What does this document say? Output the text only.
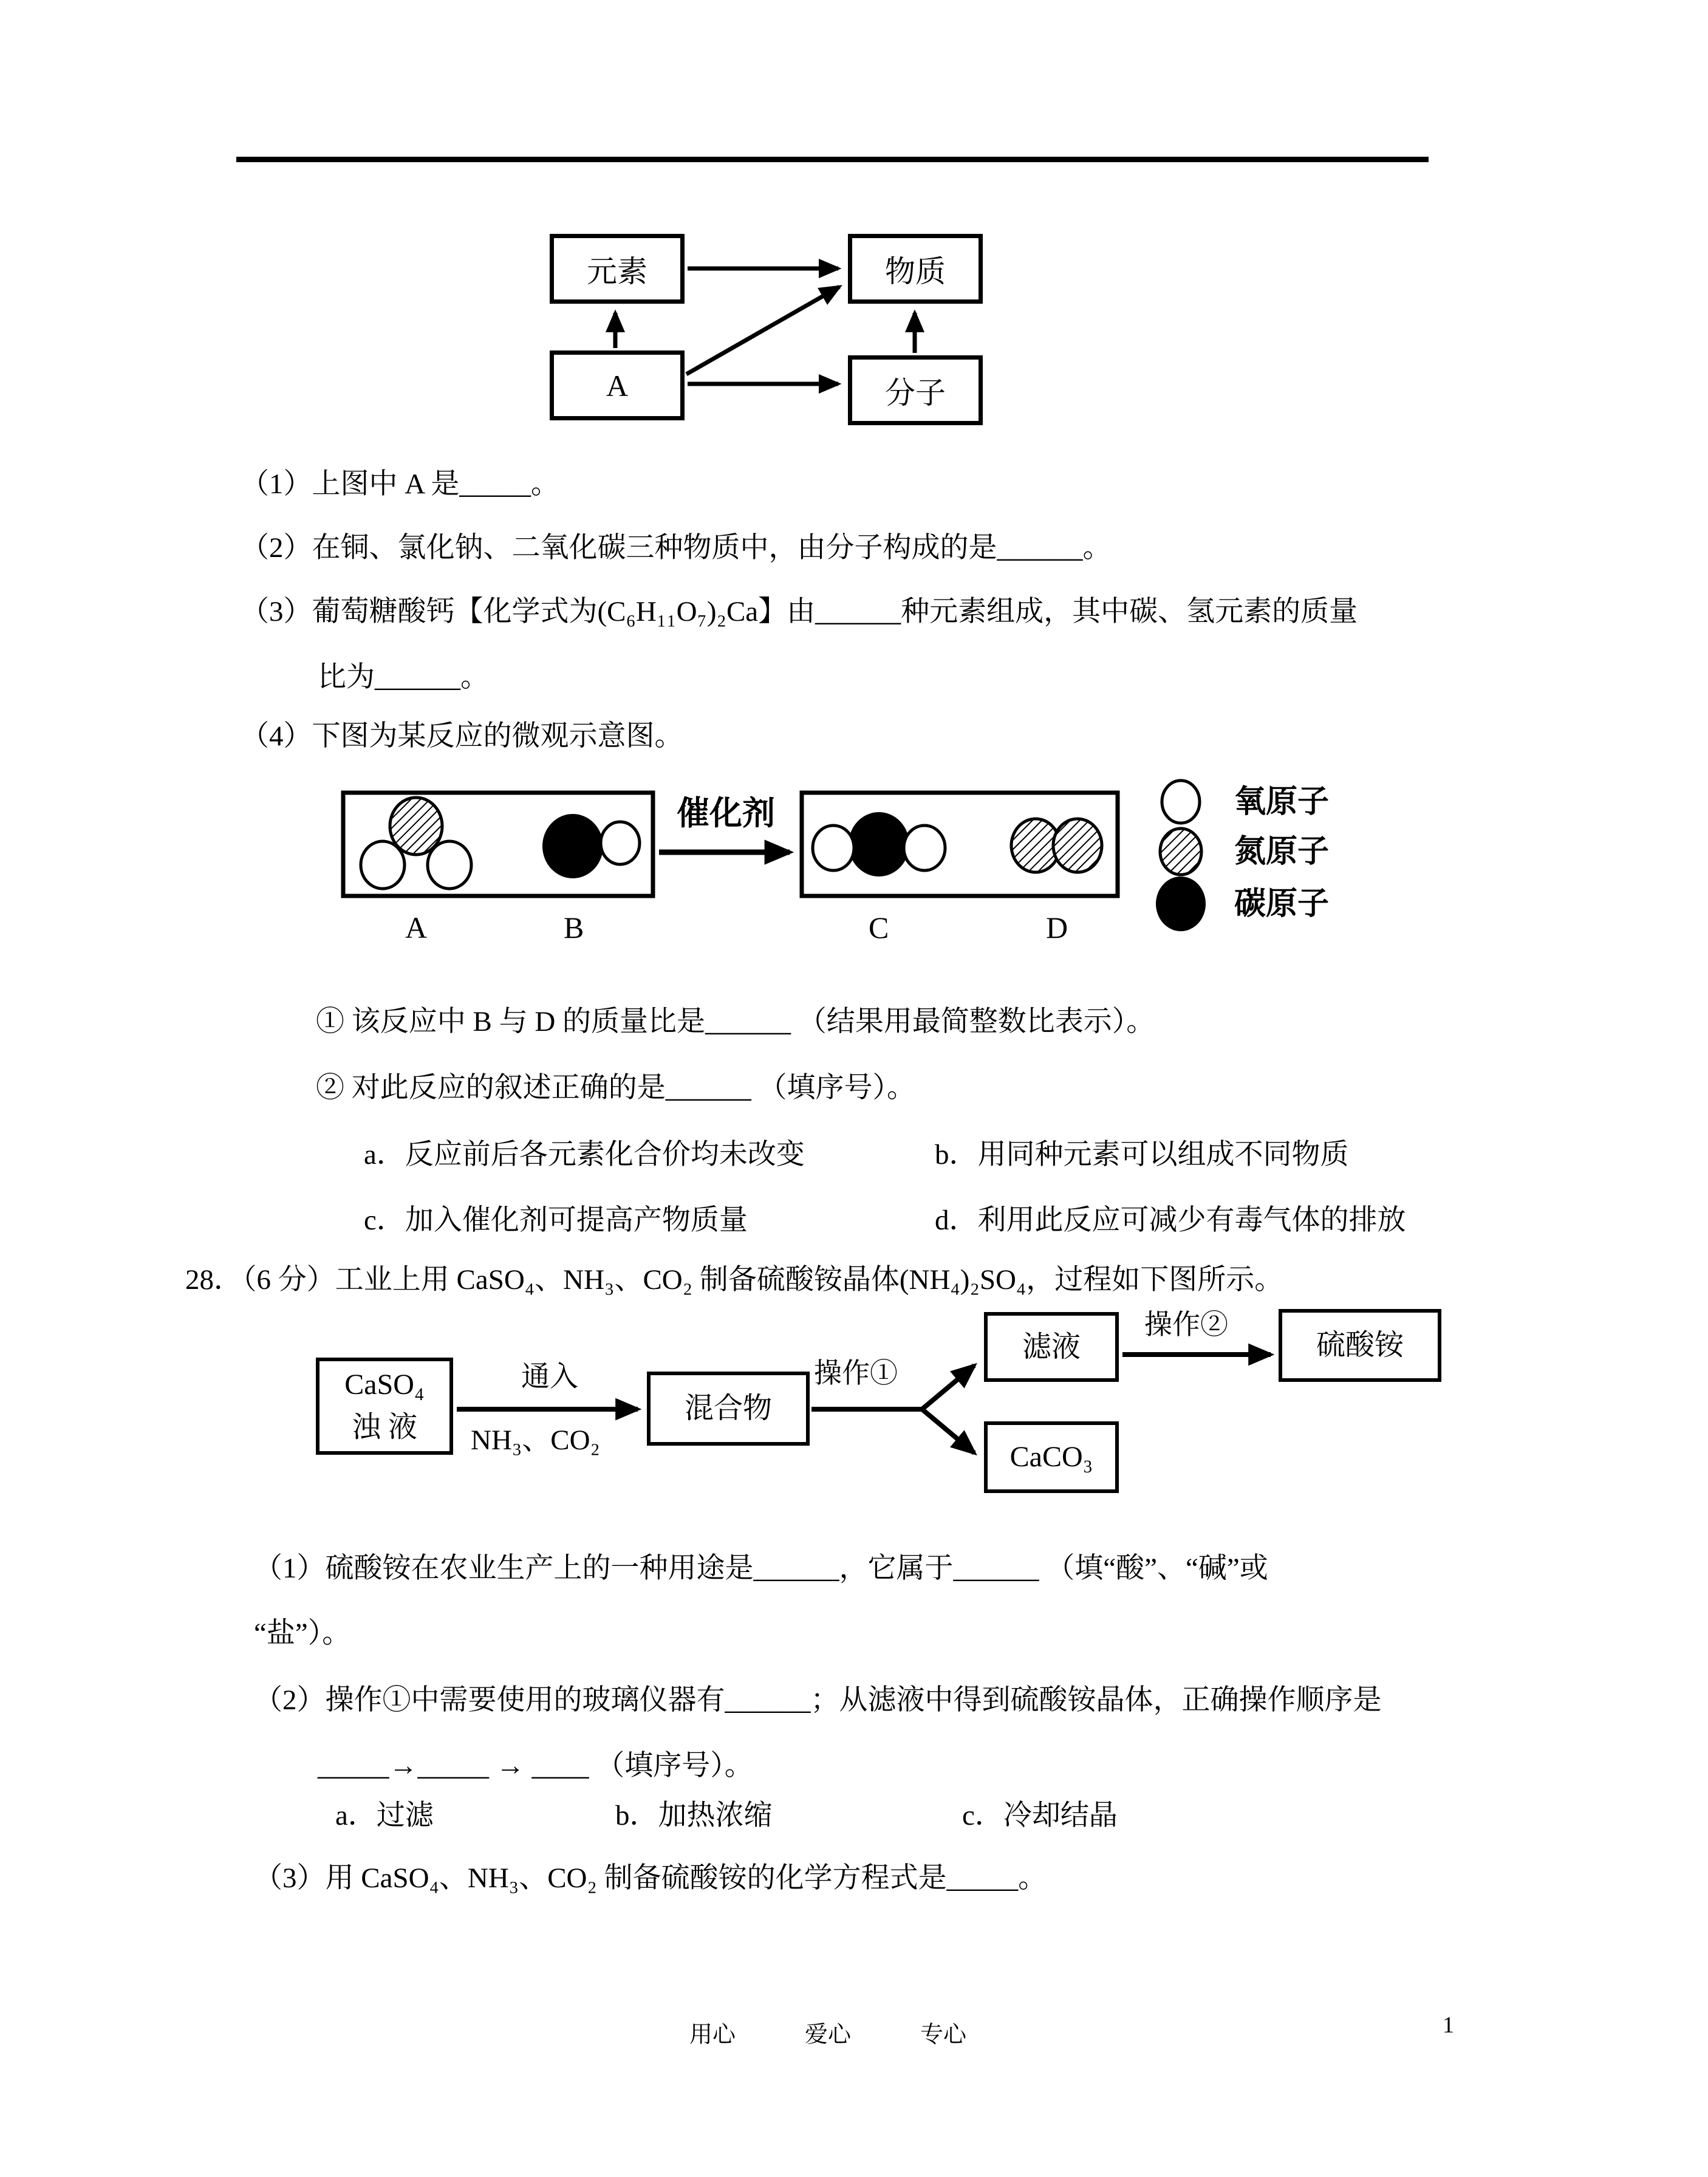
元素	物质
A	分子
（1）上图中 A 是_____。
（2）在铜、氯化钠、二氧化碳三种物质中，由分子构成的是______。
（3）葡萄糖酸钙【化学式为(C₆H₁₁O₇)₂Ca】由______种元素组成，其中碳、氢元素的质量
比为______。
（4）下图为某反应的微观示意图。
催化剂
A	B	C	D
氧原子
氮原子
碳原子
① 该反应中 B 与 D 的质量比是______ （结果用最简整数比表示）。
② 对此反应的叙述正确的是______ （填序号）。
a．反应前后各元素化合价均未改变	b．用同种元素可以组成不同物质
c．加入催化剂可提高产物质量	d．利用此反应可减少有毒气体的排放
28．（6 分）工业上用 CaSO₄、NH₃、CO₂ 制备硫酸铵晶体(NH₄)₂SO₄，过程如下图所示。
CaSO₄
浊 液
通入
NH₃、CO₂
混合物
操作①
滤液
操作②
硫酸铵
CaCO₃
（1）硫酸铵在农业生产上的一种用途是______，它属于______ （填“酸”、“碱”或
“盐”）。
（2）操作①中需要使用的玻璃仪器有______；从滤液中得到硫酸铵晶体，正确操作顺序是
_____→_____ → ____ （填序号）。
a．过滤	b．加热浓缩	c．冷却结晶
（3）用 CaSO₄、NH₃、CO₂ 制备硫酸铵的化学方程式是_____。
用心	爱心	专心	1
